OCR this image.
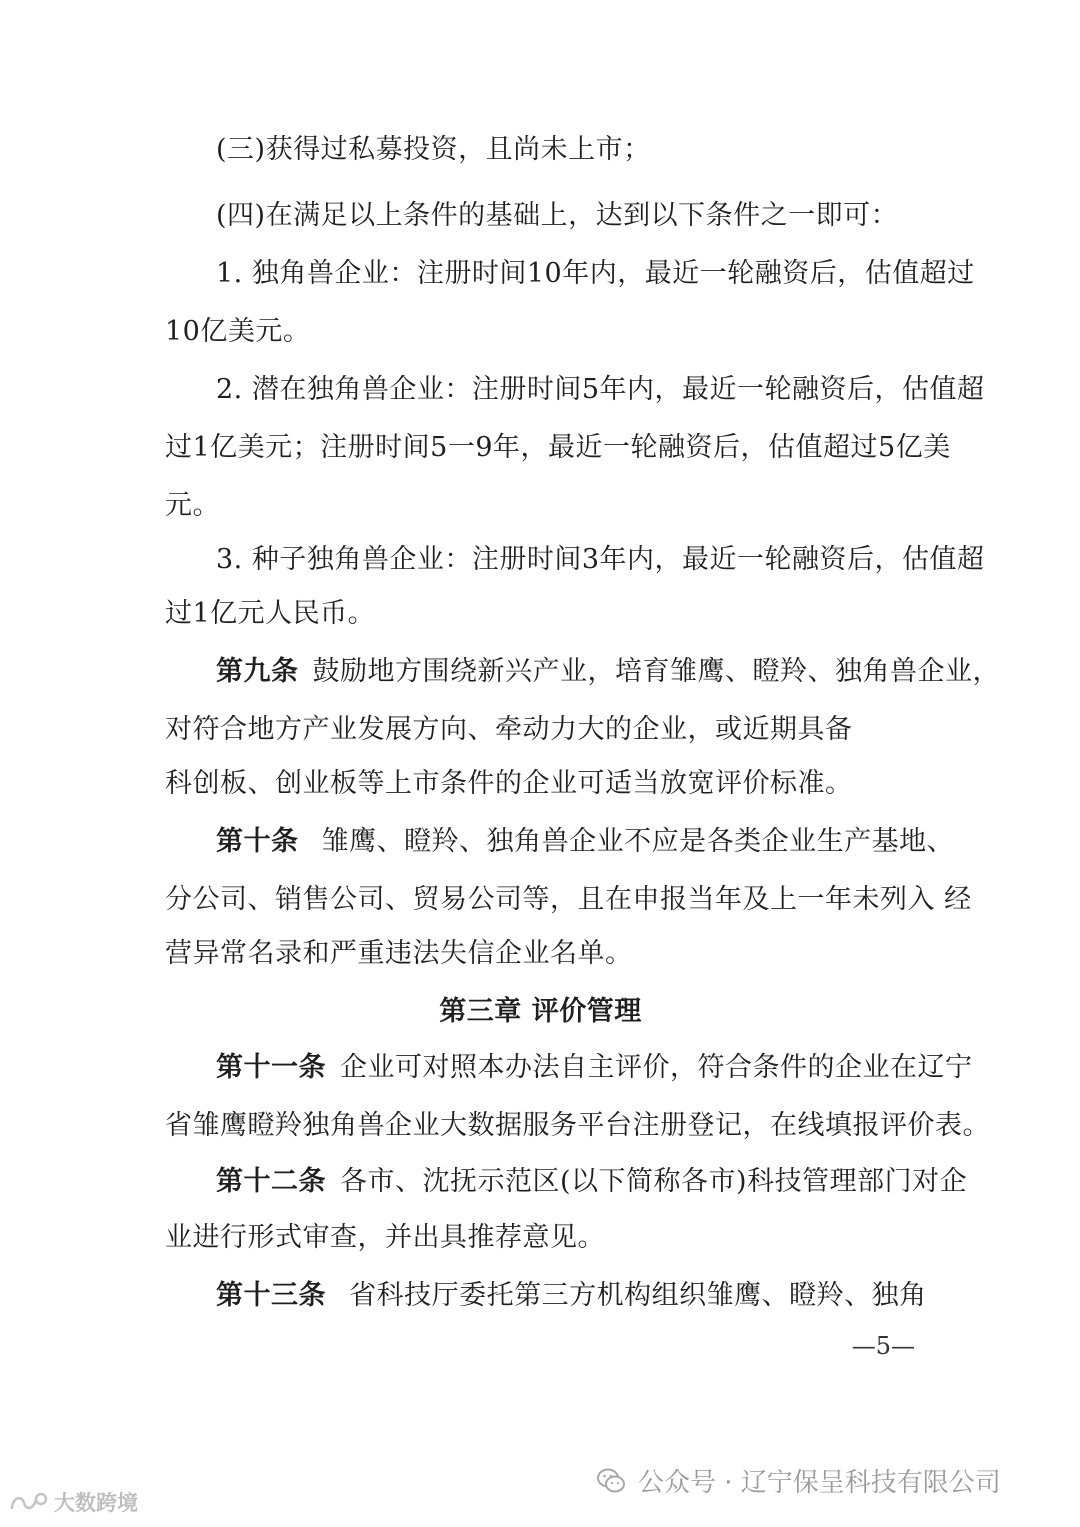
(三)获得过私募投资，且尚未上市；
(四)在满足以上条件的基础上，达到以下条件之一即可：
1. 独角兽企业：注册时间10年内，最近一轮融资后，估值超过
10亿美元。
2. 潜在独角兽企业：注册时间5年内，最近一轮融资后，估值超
过1亿美元；注册时间5一9年，最近一轮融资后，估值超过5亿美
元。
3. 种子独角兽企业：注册时间3年内，最近一轮融资后，估值超
过1亿元人民币。
第九条 鼓励地方围绕新兴产业，培育雏鹰、瞪羚、独角兽企业，
对符合地方产业发展方向、牵动力大的企业，或近期具备
科创板、创业板等上市条件的企业可适当放宽评价标准。
第十条 雏鹰、瞪羚、独角兽企业不应是各类企业生产基地、
分公司、销售公司、贸易公司等，且在申报当年及上一年未列入 经
营异常名录和严重违法失信企业名单。
第三章 评价管理
第十一条 企业可对照本办法自主评价，符合条件的企业在辽宁
省雏鹰瞪羚独角兽企业大数据服务平台注册登记，在线填报评价表。
第十二条 各市、沈抚示范区(以下简称各市)科技管理部门对企
业进行形式审查，并出具推荐意见。
第十三条 省科技厅委托第三方机构组织雏鹰、瞪羚、独角
—5—
公众号 · 辽宁保呈科技有限公司
大数跨境
